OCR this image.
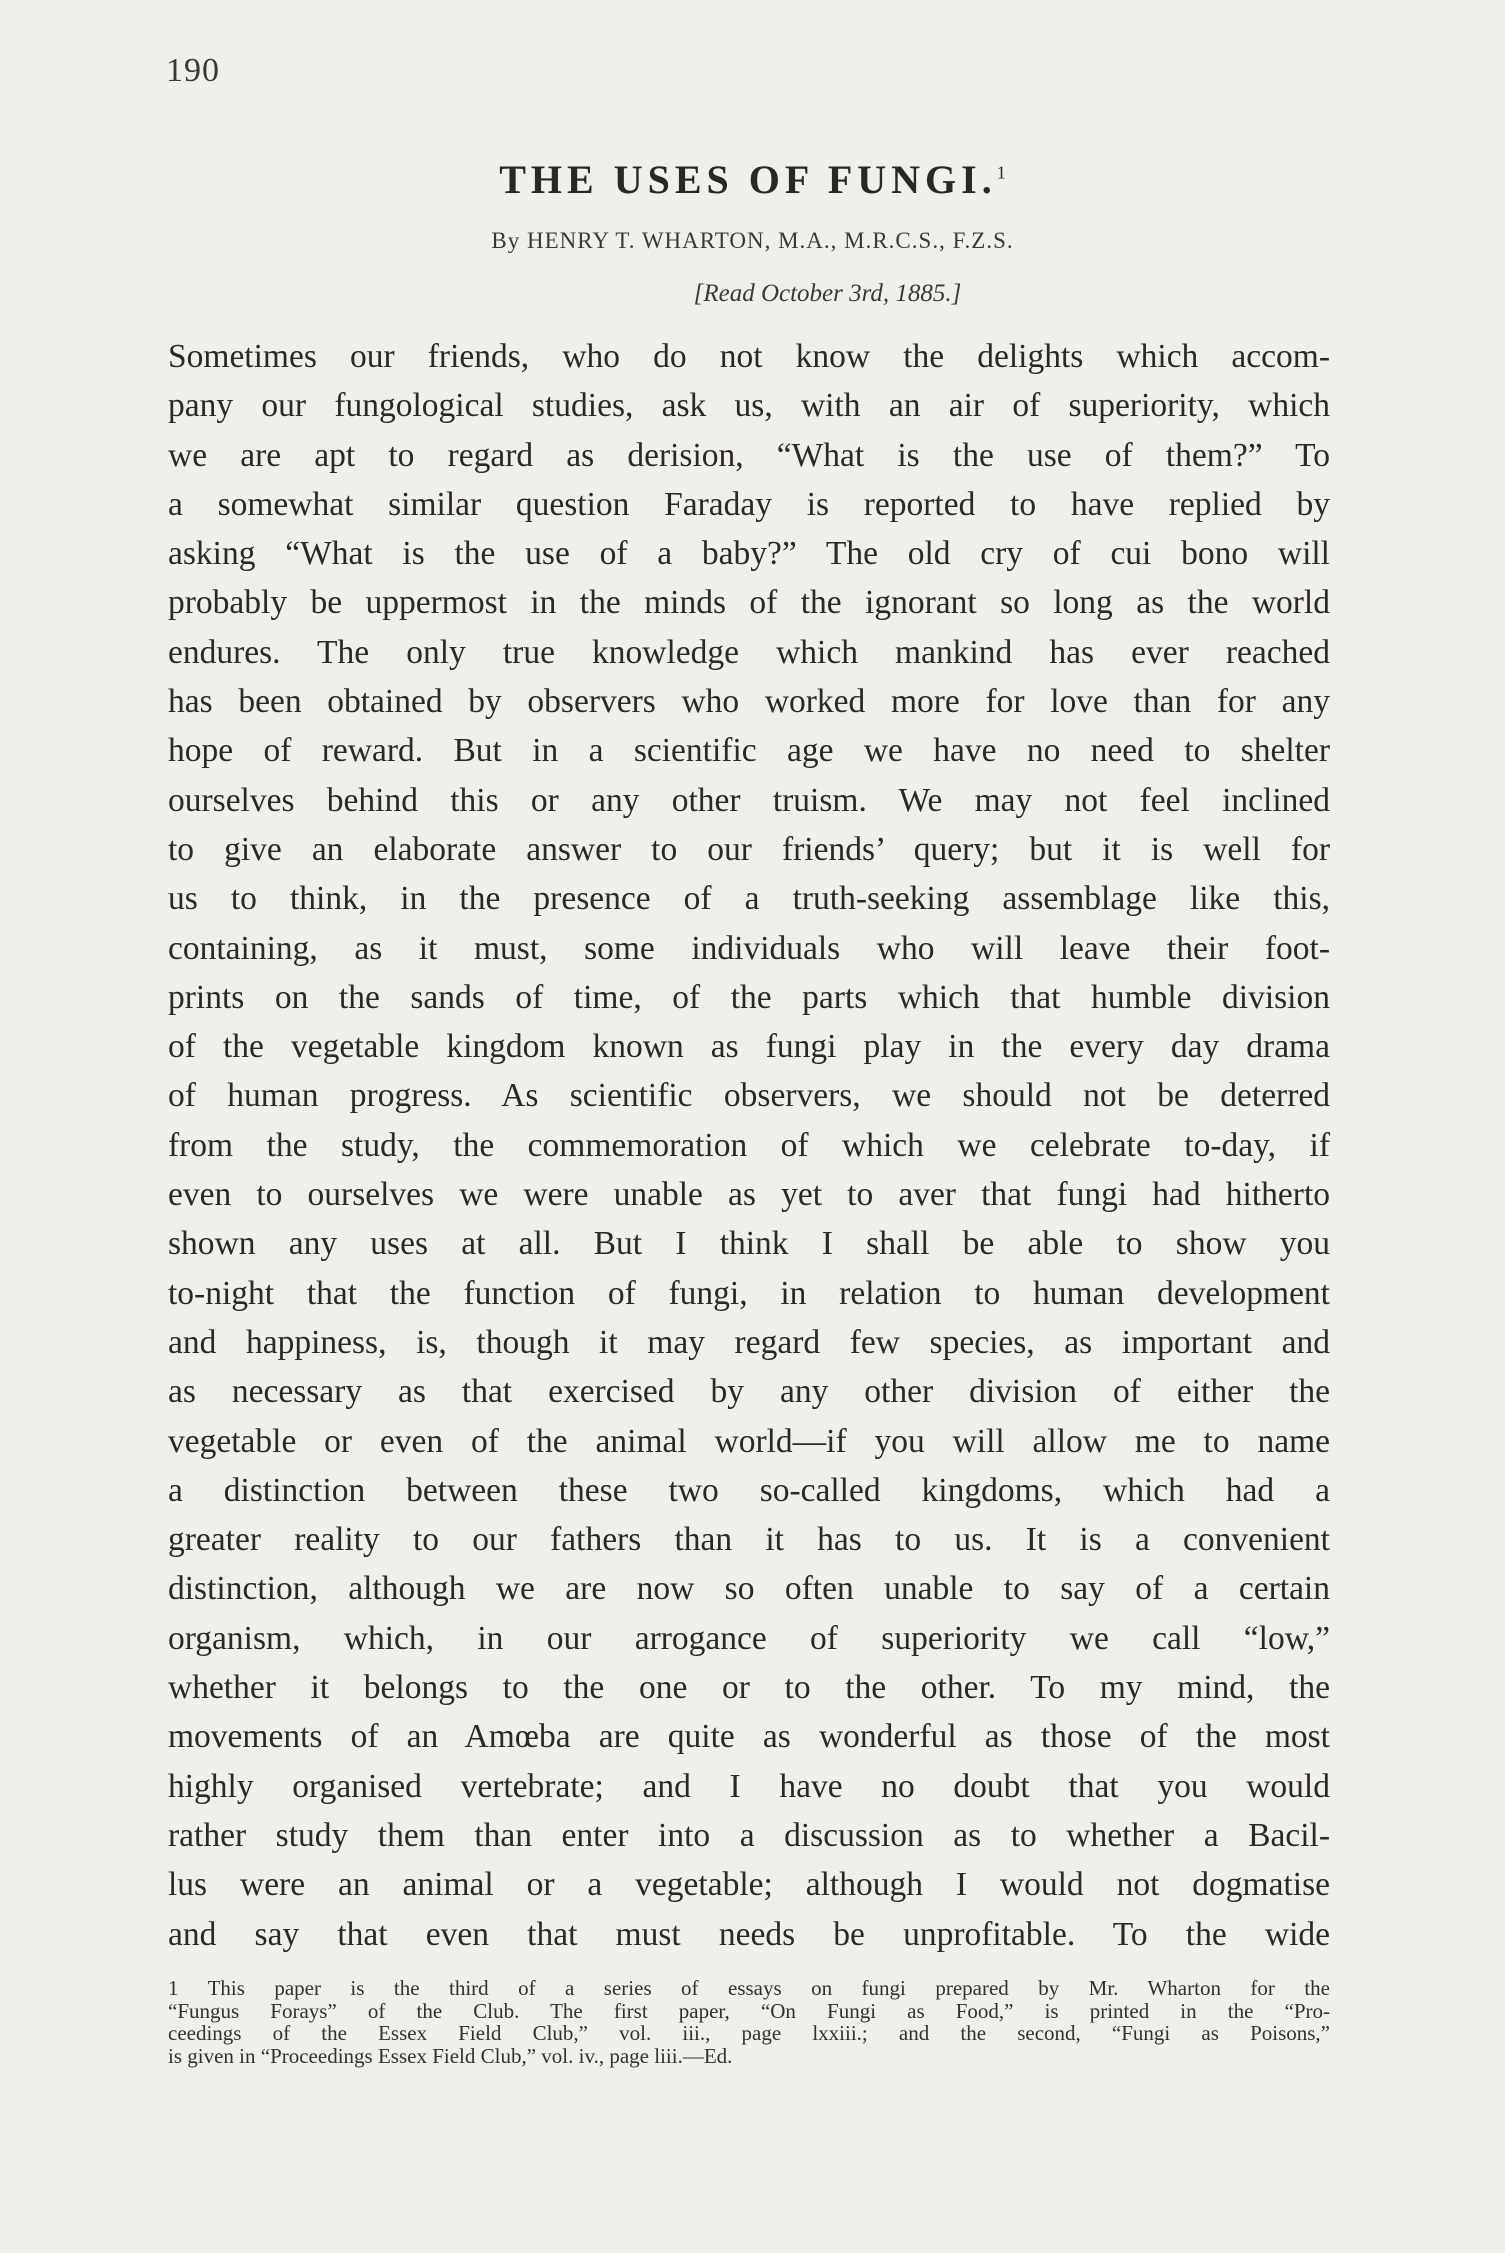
190
THE USES OF FUNGI.$^1$
By HENRY T. WHARTON, M.A., M.R.C.S., F.Z.S.
[Read October 3rd, 1885.]
Sometimes our friends, who do not know the delights which accom-
pany our fungological studies, ask us, with an air of superiority, which
we are apt to regard as derision, “What is the use of them?” To
a somewhat similar question Faraday is reported to have replied by
asking “What is the use of a baby?” The old cry of cui bono will
probably be uppermost in the minds of the ignorant so long as the world
endures. The only true knowledge which mankind has ever reached
has been obtained by observers who worked more for love than for any
hope of reward. But in a scientific age we have no need to shelter
ourselves behind this or any other truism. We may not feel inclined
to give an elaborate answer to our friends’ query; but it is well for
us to think, in the presence of a truth-seeking assemblage like this,
containing, as it must, some individuals who will leave their foot-
prints on the sands of time, of the parts which that humble division
of the vegetable kingdom known as fungi play in the every day drama
of human progress. As scientific observers, we should not be deterred
from the study, the commemoration of which we celebrate to-day, if
even to ourselves we were unable as yet to aver that fungi had hitherto
shown any uses at all. But I think I shall be able to show you
to-night that the function of fungi, in relation to human development
and happiness, is, though it may regard few species, as important and
as necessary as that exercised by any other division of either the
vegetable or even of the animal world—if you will allow me to name
a distinction between these two so-called kingdoms, which had a
greater reality to our fathers than it has to us. It is a convenient
distinction, although we are now so often unable to say of a certain
organism, which, in our arrogance of superiority we call “low,”
whether it belongs to the one or to the other. To my mind, the
movements of an Amœba are quite as wonderful as those of the most
highly organised vertebrate; and I have no doubt that you would
rather study them than enter into a discussion as to whether a Bacil-
lus were an animal or a vegetable; although I would not dogmatise
and say that even that must needs be unprofitable. To the wide
1 This paper is the third of a series of essays on fungi prepared by Mr. Wharton for the
“Fungus Forays” of the Club. The first paper, “On Fungi as Food,” is printed in the “Pro-
ceedings of the Essex Field Club,” vol. iii., page lxxiii.; and the second, “Fungi as Poisons,”
is given in “Proceedings Essex Field Club,” vol. iv., page liii.—Ed.
